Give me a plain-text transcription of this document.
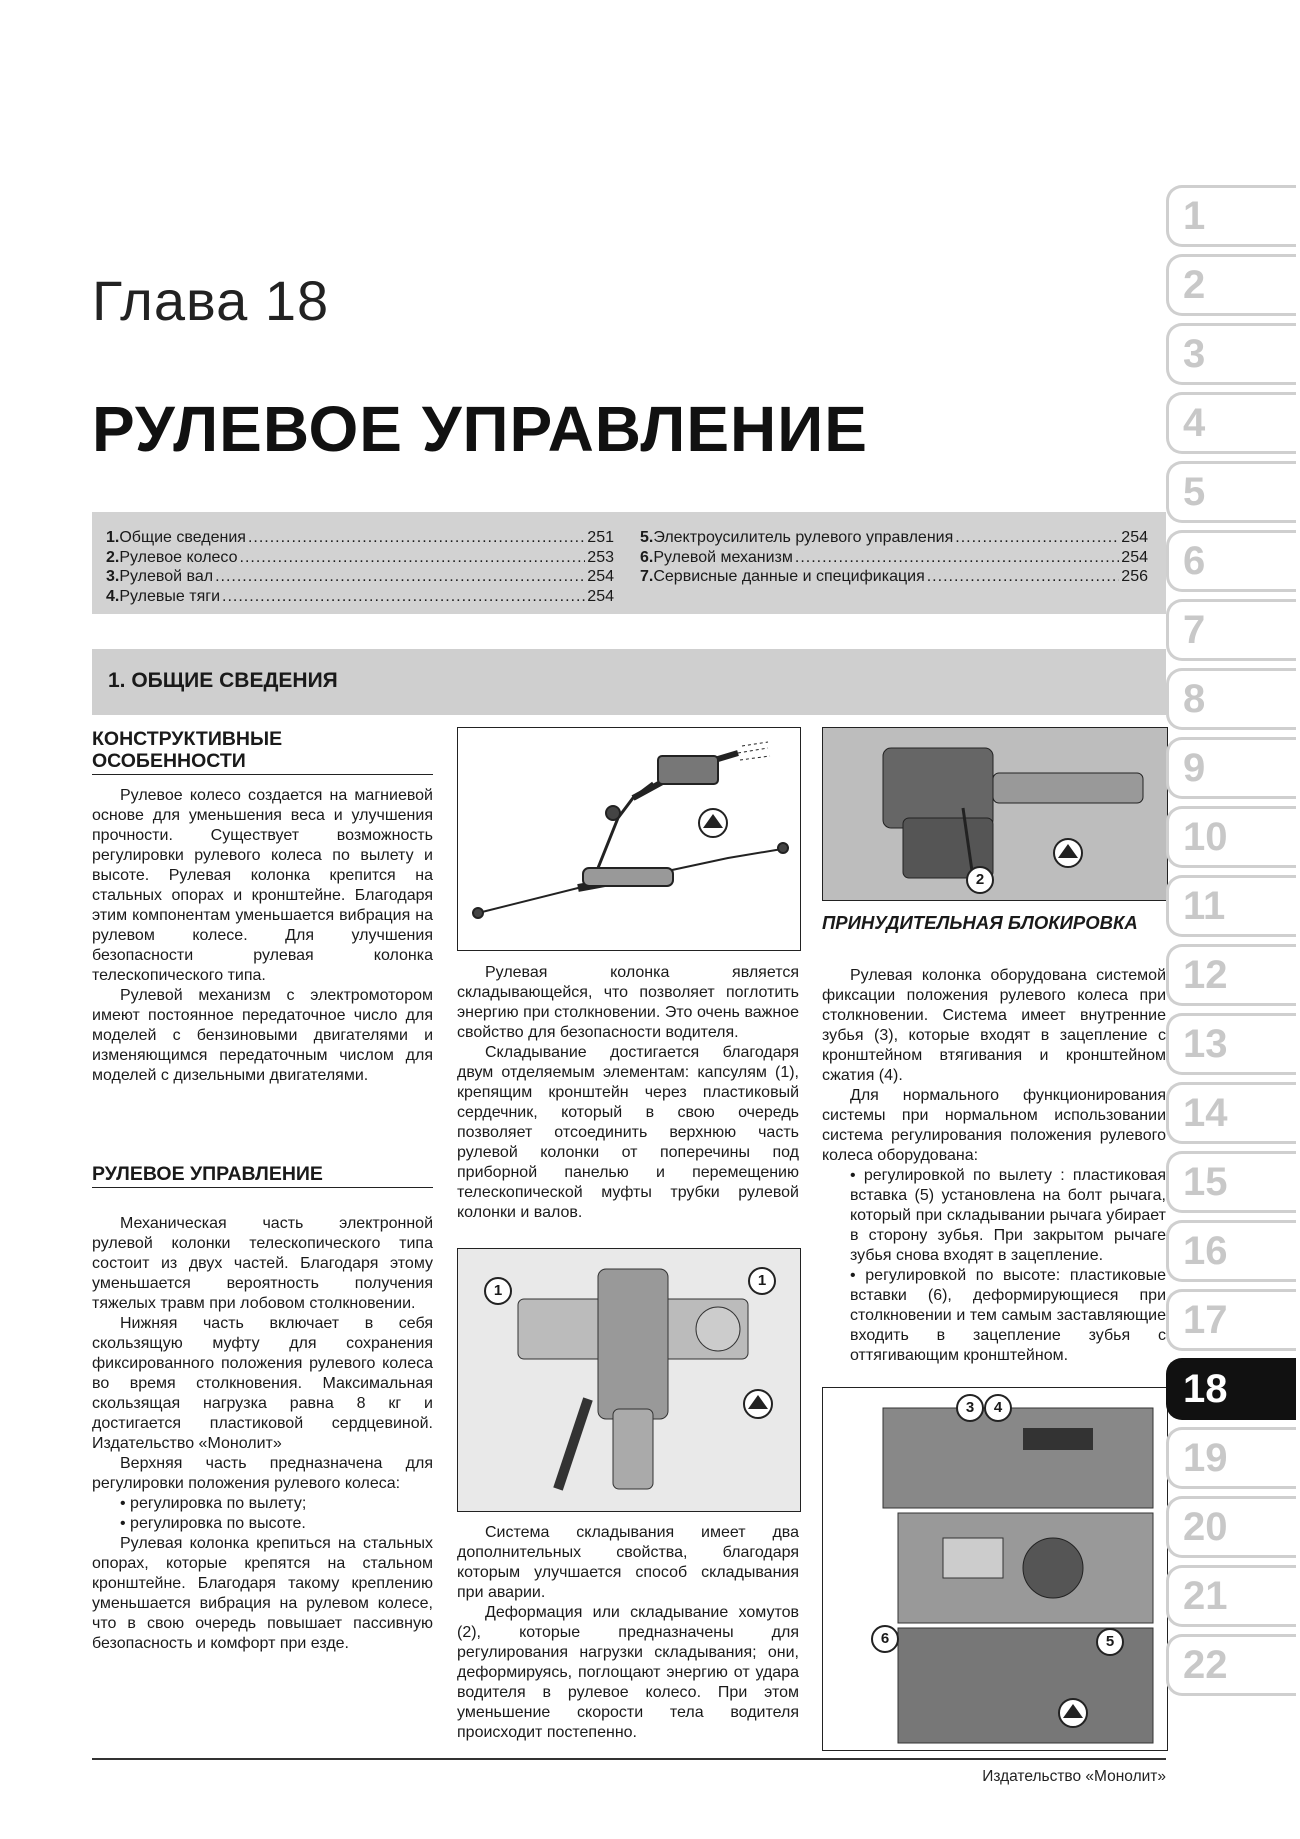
Глава 18
РУЛЕВОЕ УПРАВЛЕНИЕ
1. Общие сведения .....	251
2. Рулевое колесо .....	253
3. Рулевой вал .....	254
4. Рулевые тяги .....	254
5. Электроусилитель рулевого управления .....	254
6. Рулевой механизм .....	254
7. Сервисные данные и спецификация .....	256
1. ОБЩИЕ СВЕДЕНИЯ
КОНСТРУКТИВНЫЕ ОСОБЕННОСТИ

Рулевое колесо создается на магниевой основе для уменьшения веса и улучшения прочности. Существует возможность регулировки рулевого колеса по вылету и высоте. Рулевая колонка крепится на стальных опорах и кронштейне. Благодаря этим компонентам уменьшается вибрация на рулевом колесе. Для улучшения безопасности рулевая колонка телескопического типа.

Рулевой механизм с электромотором имеют постоянное передаточное число для моделей с бензиновыми двигателями и изменяющимся передаточным числом для моделей с дизельными двигателями.

РУЛЕВОЕ УПРАВЛЕНИЕ

Механическая часть электронной рулевой колонки телескопического типа состоит из двух частей. Благодаря этому уменьшается вероятность получения тяжелых травм при лобовом столкновении.

Нижняя часть включает в себя скользящую муфту для сохранения фиксированного положения рулевого колеса во время столкновения. Максимальная скользящая нагрузка равна 8 кг и достигается пластиковой сердцевиной. Издательство «Монолит»

Верхняя часть предназначена для регулировки положения рулевого колеса:

• регулировка по вылету;
• регулировка по высоте.

Рулевая колонка крепиться на стальных опорах, которые крепятся на стальном кронштейне. Благодаря такому креплению уменьшается вибрация на рулевом колесе, что в свою очередь повышает пассивную безопасность и комфорт при езде.

Рулевая колонка является складывающейся, что позволяет поглотить энергию при столкновении. Это очень важное свойство для безопасности водителя.

Складывание достигается благодаря двум отделяемым элементам: капсулям (1), крепящим кронштейн через пластиковый сердечник, который в свою очередь позволяет отсоединить верхнюю часть рулевой колонки от поперечины под приборной панелью и перемещению телескопической муфты трубки рулевой колонки и валов.

1
1

Система складывания имеет два дополнительных свойства, благодаря которым улучшается способ складывания при аварии.

Деформация или складывание хомутов (2), которые предназначены для регулирования нагрузки складывания; они, деформируясь, поглощают энергию от удара водителя в рулевое колесо. При этом уменьшение скорости тела водителя происходит постепенно.

2
ПРИНУДИТЕЛЬНАЯ БЛОКИРОВКА

Рулевая колонка оборудована системой фиксации положения рулевого колеса при столкновении. Система имеет внутренние зубья (3), которые входят в зацепление с кронштейном втягивания и кронштейном сжатия (4).

Для нормального функционирования системы при нормальном использовании система регулирования положения рулевого колеса оборудована:

• регулировкой по вылету : пластиковая вставка (5) установлена на болт рычага, который при складывании рычага убирает в сторону зубья. При закрытом рычаге зубья снова входят в зацепление.
• регулировкой по высоте: пластиковые вставки (6), деформирующиеся при столкновении и тем самым заставляющие входить в зацепление зубья с оттягивающим кронштейном.
3	4
5
6
1
2
3
4
5
6
7
8
9
10
11
12
13
14
15
16
17
18
19
20
21
22
Издательство «Монолит»
